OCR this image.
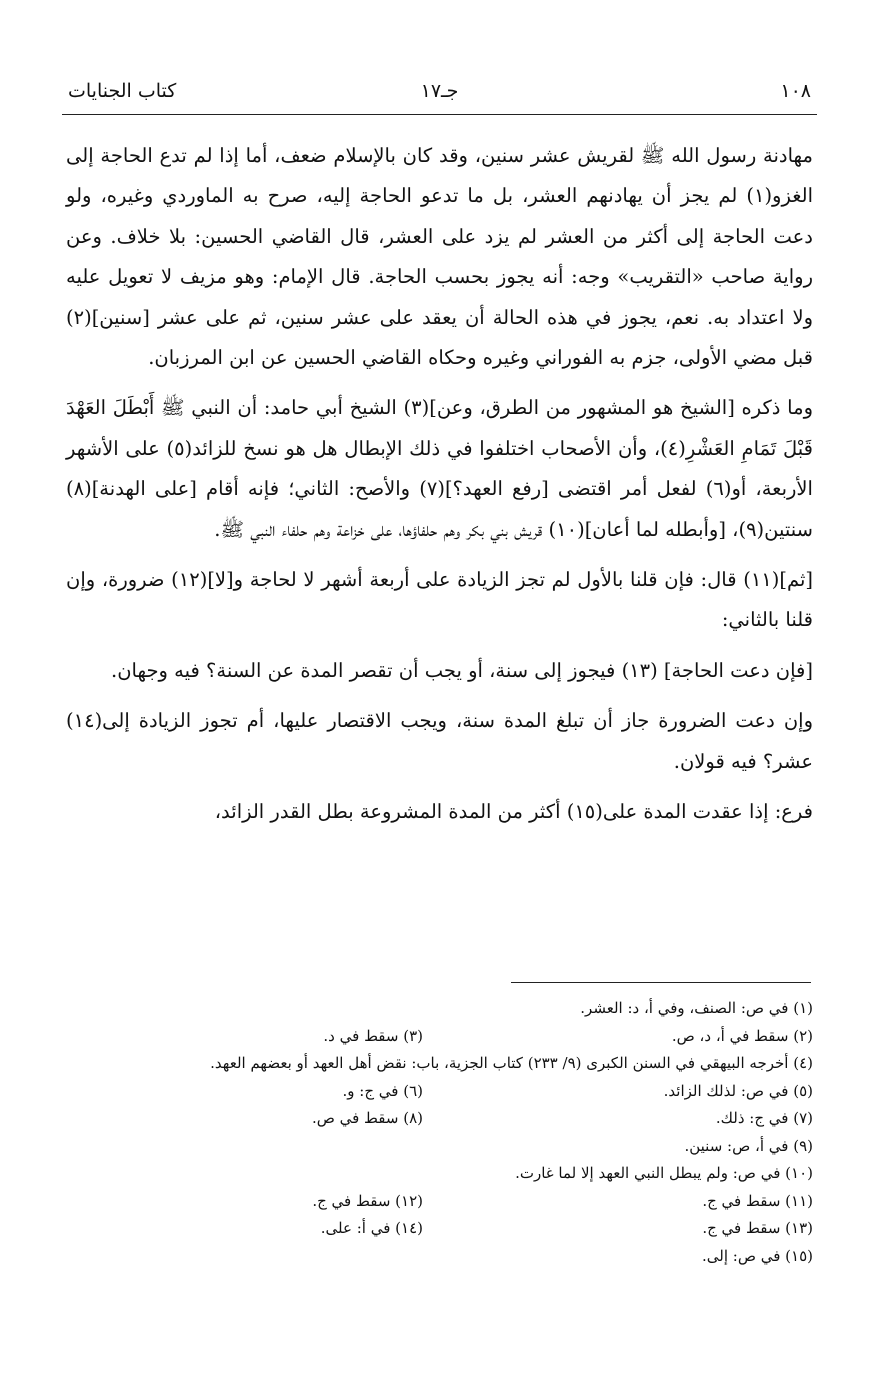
١٠٨
جـ١٧
كتاب الجنايات

مهادنة رسول الله ﷺ لقريش عشر سنين، وقد كان بالإسلام ضعف، أما إذا لم تدع الحاجة إلى الغزو(١) لم يجز أن يهادنهم العشر، بل ما تدعو الحاجة إليه، صرح به الماوردي وغيره، ولو دعت الحاجة إلى أكثر من العشر لم يزد على العشر، قال القاضي الحسين: بلا خلاف. وعن رواية صاحب «التقريب» وجه: أنه يجوز بحسب الحاجة. قال الإمام: وهو مزيف لا تعويل عليه ولا اعتداد به. نعم، يجوز في هذه الحالة أن يعقد على عشر سنين، ثم على عشر [سنين](٢) قبل مضي الأولى، جزم به الفوراني وغيره وحكاه القاضي الحسين عن ابن المرزبان.

وما ذكره [الشيخ هو المشهور من الطرق، وعن](٣) الشيخ أبي حامد: أن النبي ﷺ أَبْطَلَ العَهْدَ قَبْلَ تَمَامِ العَشْرِ(٤)، وأن الأصحاب اختلفوا في ذلك الإبطال هل هو نسخ للزائد(٥) على الأشهر الأربعة، أو(٦) لفعل أمر اقتضى [رفع العهد؟](٧) والأصح: الثاني؛ فإنه أقام [على الهدنة](٨) سنتين(٩)، [وأبطله لما أعان](١٠) قريش بني بكر وهم حلفاؤها، على خزاعة وهم حلفاء النبي ﷺ.

[ثم](١١) قال: فإن قلنا بالأول لم تجز الزيادة على أربعة أشهر لا لحاجة و[لا](١٢) ضرورة، وإن قلنا بالثاني:

[فإن دعت الحاجة] (١٣) فيجوز إلى سنة، أو يجب أن تقصر المدة عن السنة؟ فيه وجهان.

وإن دعت الضرورة جاز أن تبلغ المدة سنة، ويجب الاقتصار عليها، أم تجوز الزيادة إلى(١٤) عشر؟ فيه قولان.

فرع: إذا عقدت المدة على(١٥) أكثر من المدة المشروعة بطل القدر الزائد،

(١) في ص: الصنف، وفي أ، د: العشر.
(٢) سقط في أ، د، ص.
(٣) سقط في د.
(٤) أخرجه البيهقي في السنن الكبرى (٩/ ٢٣٣) كتاب الجزية، باب: نقض أهل العهد أو بعضهم العهد.
(٥) في ص: لذلك الزائد.
(٦) في ج: و.
(٧) في ج: ذلك.
(٨) سقط في ص.
(٩) في أ، ص: سنين.
(١٠) في ص: ولم يبطل النبي العهد إلا لما غارت.
(١١) سقط في ج.
(١٢) سقط في ج.
(١٣) سقط في ج.
(١٤) في أ: على.
(١٥) في ص: إلى.
